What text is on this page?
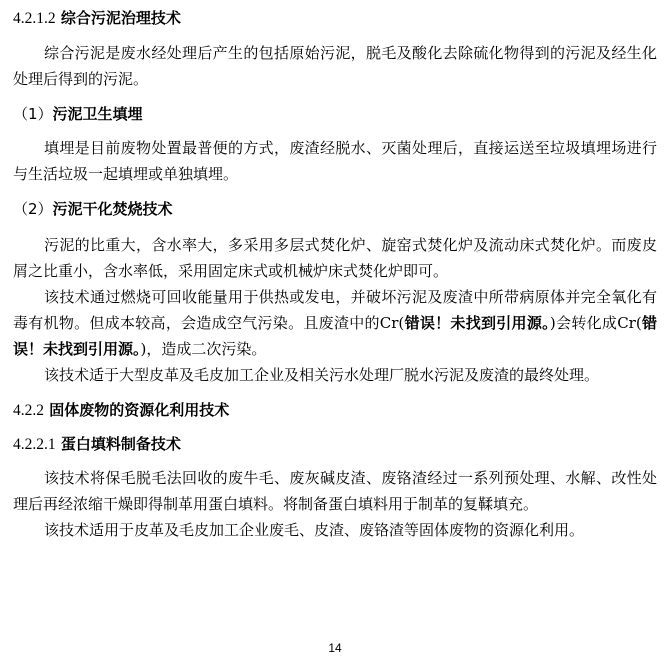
4.2.1.2 综合污泥治理技术
综合污泥是废水经处理后产生的包括原始污泥，脱毛及酸化去除硫化物得到的污泥及经生化处理后得到的污泥。
（1）污泥卫生填埋
填埋是目前废物处置最普便的方式，废渣经脱水、灭菌处理后，直接运送至垃圾填埋场进行与生活垃圾一起填埋或单独填埋。
（2）污泥干化焚烧技术
污泥的比重大，含水率大，多采用多层式焚化炉、旋窑式焚化炉及流动床式焚化炉。而废皮屑之比重小，含水率低，采用固定床式或机械炉床式焚化炉即可。
该技术通过燃烧可回收能量用于供热或发电，并破坏污泥及废渣中所带病原体并完全氧化有毒有机物。但成本较高，会造成空气污染。且废渣中的Cr(错误！未找到引用源。)会转化成Cr(错误！未找到引用源。)，造成二次污染。
该技术适于大型皮革及毛皮加工企业及相关污水处理厂脱水污泥及废渣的最终处理。
4.2.2 固体废物的资源化利用技术
4.2.2.1 蛋白填料制备技术
该技术将保毛脱毛法回收的废牛毛、废灰碱皮渣、废铬渣经过一系列预处理、水解、改性处理后再经浓缩干燥即得制革用蛋白填料。将制备蛋白填料用于制革的复鞣填充。
该技术适用于皮革及毛皮加工企业废毛、皮渣、废铬渣等固体废物的资源化利用。
14
